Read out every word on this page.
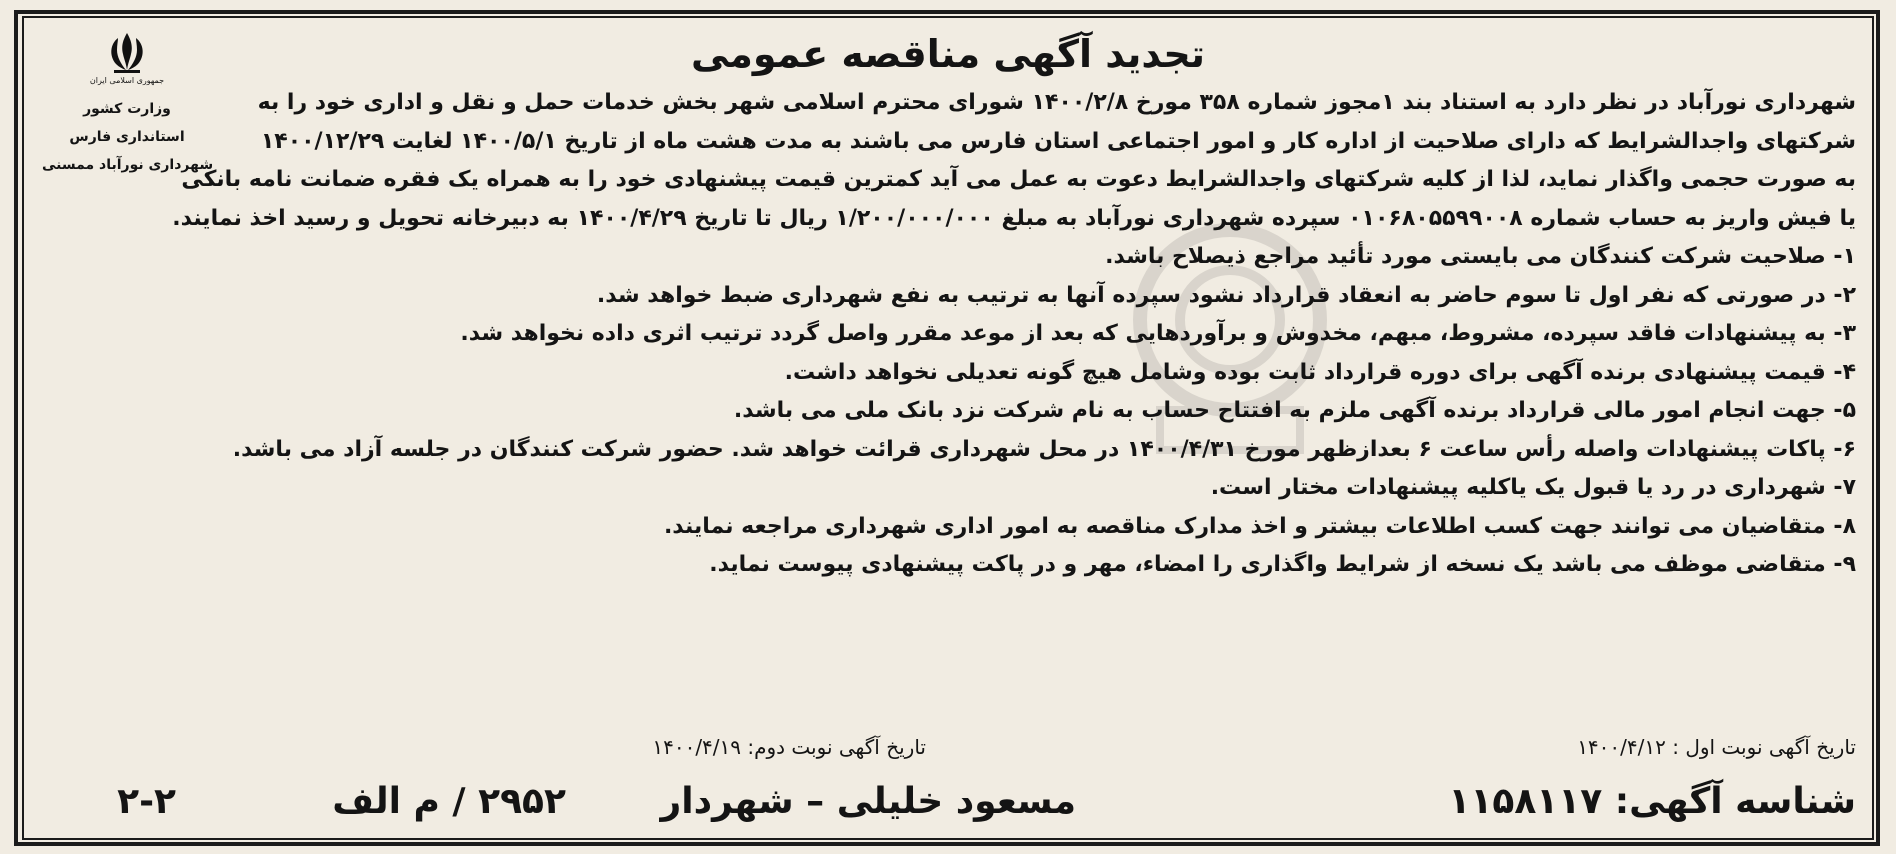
جمهوری اسلامی ایران
وزارت کشور
استانداری فارس
شهرداری نورآباد ممسنی
تجدید آگهی مناقصه عمومی
شهرداری نورآباد در نظر دارد به استناد بند ۱مجوز شماره ۳۵۸ مورخ ۱۴۰۰/۲/۸ شورای محترم اسلامی شهر بخش خدمات حمل و نقل و اداری خود را به
شرکتهای واجدالشرایط که دارای صلاحیت از اداره کار و امور اجتماعی استان فارس می باشند به مدت هشت ماه از تاریخ ۱۴۰۰/۵/۱ لغایت ۱۴۰۰/۱۲/۲۹
به صورت حجمی واگذار نماید، لذا از کلیه شرکتهای واجدالشرایط دعوت به عمل می آید کمترین قیمت پیشنهادی خود را به همراه یک فقره ضمانت نامه بانکی
یا فیش واریز به حساب شماره ۰۱۰۶۸۰۵۵۹۹۰۰۸ سپرده شهرداری نورآباد به مبلغ ۱/۲۰۰/۰۰۰/۰۰۰ ریال تا تاریخ ۱۴۰۰/۴/۲۹ به دبیرخانه تحویل و رسید اخذ نمایند.
۱- صلاحیت شرکت کنندگان می بایستی مورد تأئید مراجع ذیصلاح باشد.
۲- در صورتی که نفر اول تا سوم حاضر به انعقاد قرارداد نشود سپرده آنها به ترتیب به نفع شهرداری ضبط خواهد شد.
۳- به پیشنهادات فاقد سپرده، مشروط، مبهم، مخدوش و برآوردهایی که بعد از موعد مقرر واصل گردد ترتیب اثری داده نخواهد شد.
۴- قیمت پیشنهادی برنده آگهی برای دوره قرارداد ثابت بوده وشامل هیچ گونه تعدیلی نخواهد داشت.
۵- جهت انجام امور مالی قرارداد برنده آگهی ملزم به افتتاح حساب به نام شرکت نزد بانک ملی می باشد.
۶- پاکات پیشنهادات واصله رأس ساعت ۶ بعدازظهر مورخ ۱۴۰۰/۴/۳۱ در محل شهرداری قرائت خواهد شد. حضور شرکت کنندگان در جلسه آزاد می باشد.
۷- شهرداری در رد یا قبول یک یاکلیه پیشنهادات مختار است.
۸- متقاضیان می توانند جهت کسب اطلاعات بیشتر و اخذ مدارک مناقصه به امور اداری شهرداری مراجعه نمایند.
۹- متقاضی موظف می باشد یک نسخه از شرایط واگذاری را امضاء، مهر و در پاکت پیشنهادی پیوست نماید.
تاریخ آگهی نوبت اول : ۱۴۰۰/۴/۱۲
تاریخ آگهی نوبت دوم: ۱۴۰۰/۴/۱۹
شناسه آگهی: ۱۱۵۸۱۱۷
مسعود خلیلی – شهردار
۲۹۵۲ / م الف
۲-۲
